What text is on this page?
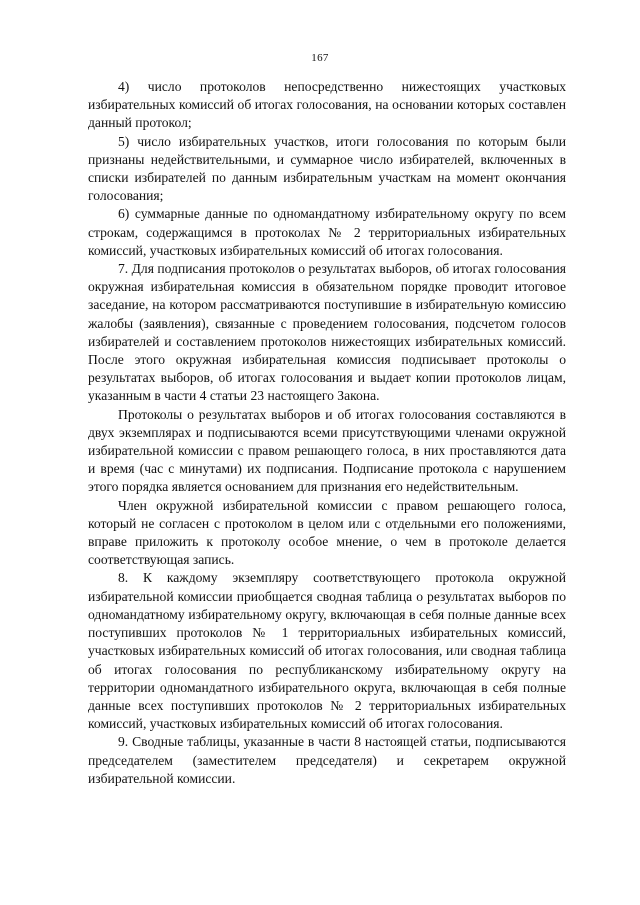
167

4) число протоколов непосредственно нижестоящих участковых избирательных комиссий об итогах голосования, на основании которых составлен данный протокол;

5) число избирательных участков, итоги голосования по которым были признаны недействительными, и суммарное число избирателей, включенных в списки избирателей по данным избирательным участкам на момент окончания голосования;

6) суммарные данные по одномандатному избирательному округу по всем строкам, содержащимся в протоколах № 2 территориальных избирательных комиссий, участковых избирательных комиссий об итогах голосования.

7. Для подписания протоколов о результатах выборов, об итогах голосования окружная избирательная комиссия в обязательном порядке проводит итоговое заседание, на котором рассматриваются поступившие в избирательную комиссию жалобы (заявления), связанные с проведением голосования, подсчетом голосов избирателей и составлением протоколов нижестоящих избирательных комиссий. После этого окружная избирательная комиссия подписывает протоколы о результатах выборов, об итогах голосования и выдает копии протоколов лицам, указанным в части 4 статьи 23 настоящего Закона.

Протоколы о результатах выборов и об итогах голосования составляются в двух экземплярах и подписываются всеми присутствующими членами окружной избирательной комиссии с правом решающего голоса, в них проставляются дата и время (час с минутами) их подписания. Подписание протокола с нарушением этого порядка является основанием для признания его недействительным.

Член окружной избирательной комиссии с правом решающего голоса, который не согласен с протоколом в целом или с отдельными его положениями, вправе приложить к протоколу особое мнение, о чем в протоколе делается соответствующая запись.

8. К каждому экземпляру соответствующего протокола окружной избирательной комиссии приобщается сводная таблица о результатах выборов по одномандатному избирательному округу, включающая в себя полные данные всех поступивших протоколов № 1 территориальных избирательных комиссий, участковых избирательных комиссий об итогах голосования, или сводная таблица об итогах голосования по республиканскому избирательному округу на территории одномандатного избирательного округа, включающая в себя полные данные всех поступивших протоколов № 2 территориальных избирательных комиссий, участковых избирательных комиссий об итогах голосования.

9. Сводные таблицы, указанные в части 8 настоящей статьи, подписываются председателем (заместителем председателя) и секретарем окружной избирательной комиссии.
